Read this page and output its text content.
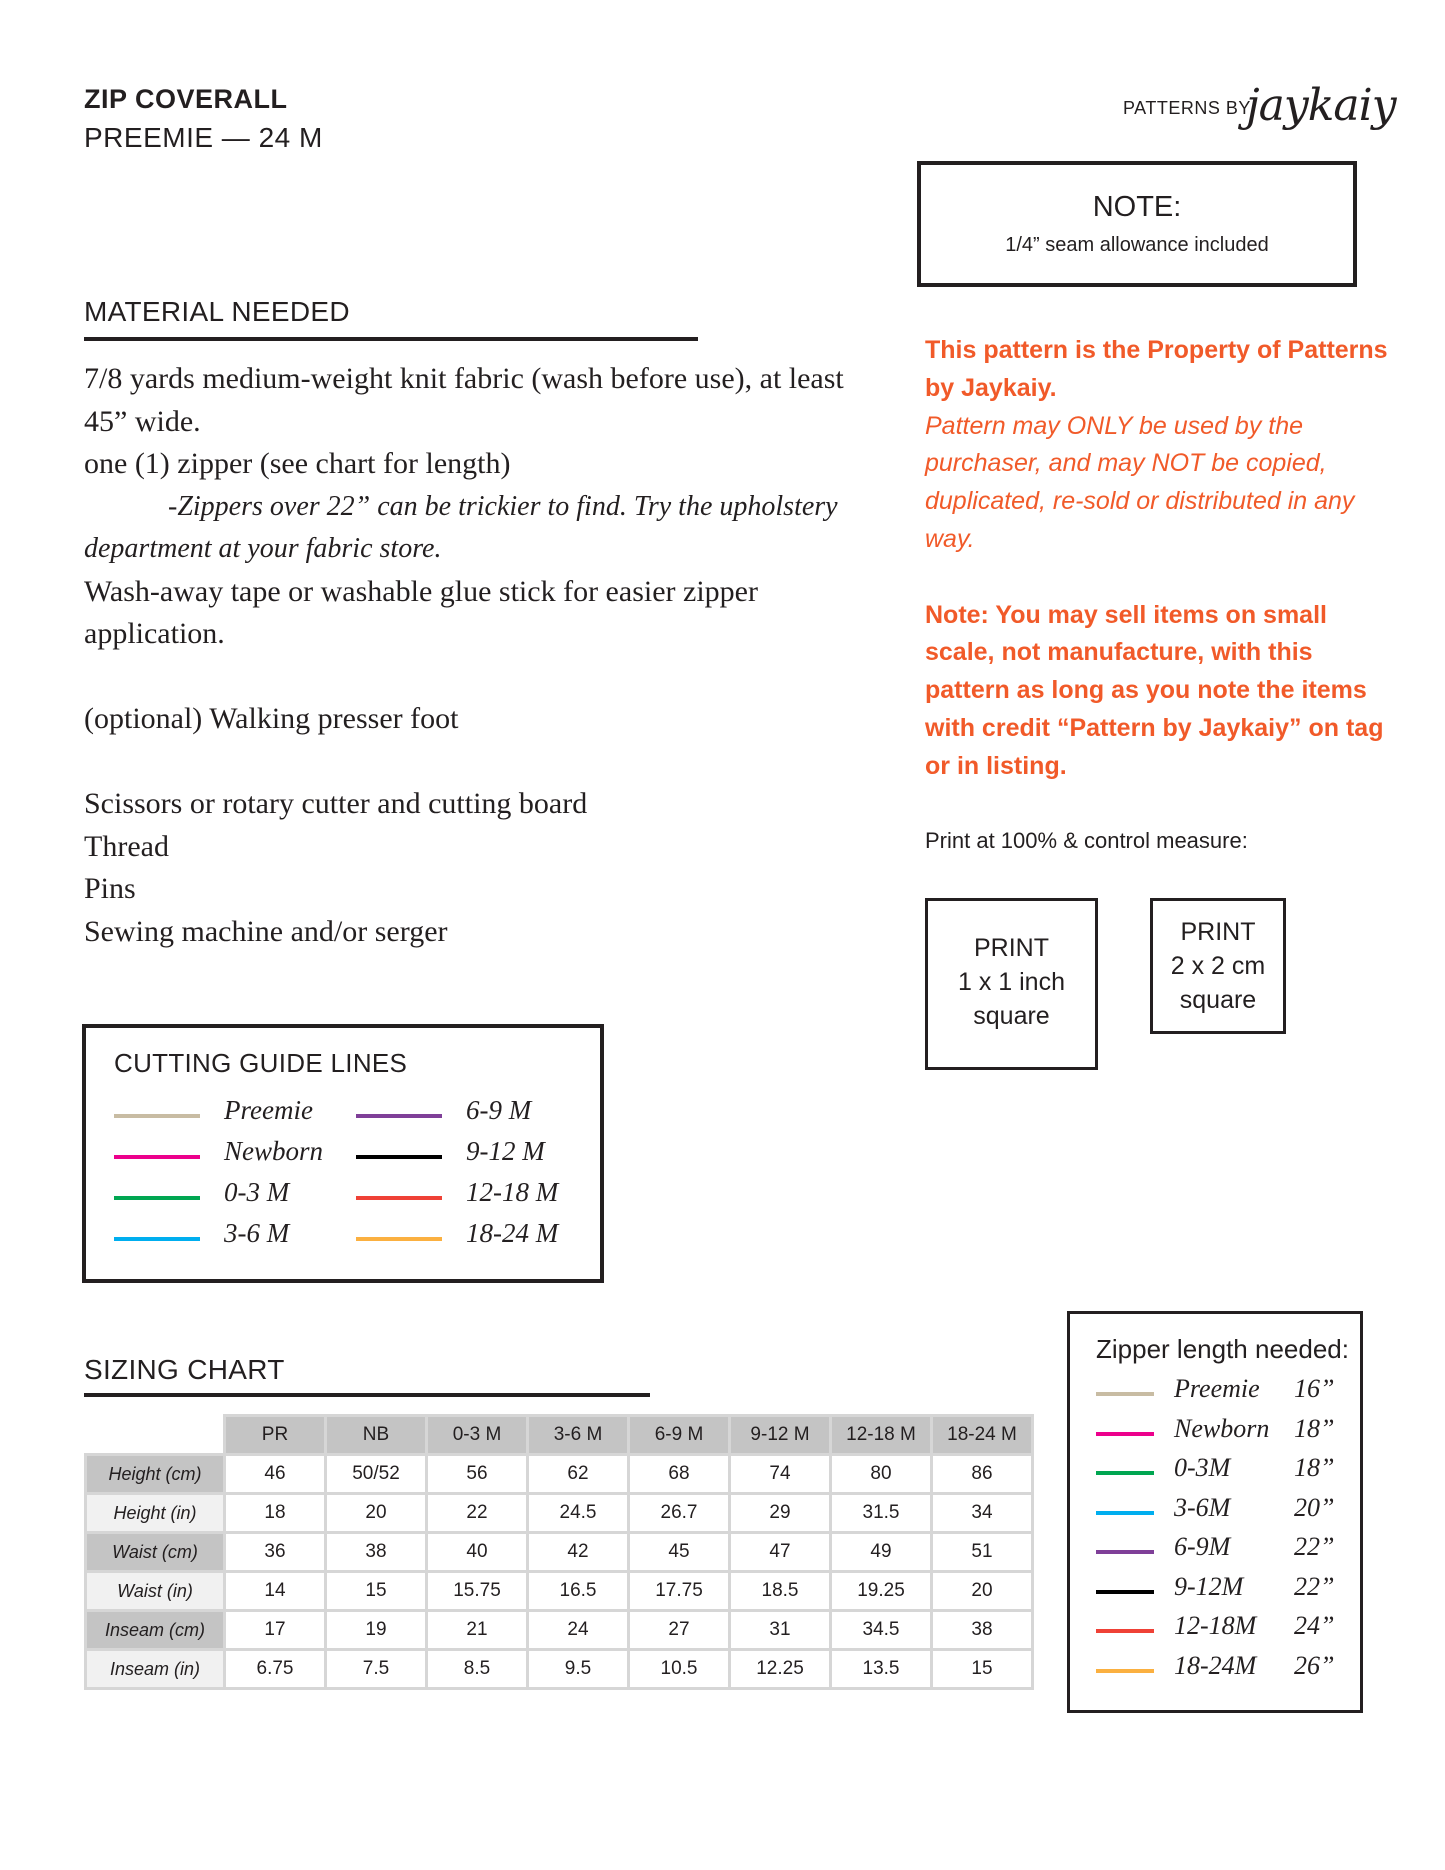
ZIP COVERALL
PREEMIE — 24 M
PATTERNS BY
jaykaiy
NOTE:
1/4” seam allowance included
MATERIAL NEEDED
7/8 yards medium-weight knit fabric (wash before use), at least 45” wide.
one (1) zipper (see chart for length)
-Zippers over 22” can be trickier to find. Try the upholstery
department at your fabric store.
Wash-away tape or washable glue stick for easier zipper application.
(optional) Walking presser foot
Scissors or rotary cutter and cutting board
Thread
Pins
Sewing machine and/or serger
This pattern is the Property of Patterns by Jaykaiy.
Pattern may ONLY be used by the purchaser, and may NOT be copied, duplicated, re-sold or distributed in any way.
Note: You may sell items on small scale, not manufacture, with this pattern as long as you note the items with credit “Pattern by Jaykaiy” on tag or in listing.
Print at 100% & control measure:
PRINT
1 x 1 inch
square
PRINT
2 x 2 cm
square
CUTTING GUIDE LINES
Preemie
Newborn
0-3 M
3-6 M
6-9 M
9-12 M
12-18 M
18-24 M
SIZING CHART
	PR	NB	0-3 M	3-6 M	6-9 M	9-12 M	12-18 M	18-24 M
Height (cm)	46	50/52	56	62	68	74	80	86
Height (in)	18	20	22	24.5	26.7	29	31.5	34
Waist (cm)	36	38	40	42	45	47	49	51
Waist (in)	14	15	15.75	16.5	17.75	18.5	19.25	20
Inseam (cm)	17	19	21	24	27	31	34.5	38
Inseam (in)	6.75	7.5	8.5	9.5	10.5	12.25	13.5	15
Zipper length needed:
Preemie 16”
Newborn 18”
0-3M 18”
3-6M 20”
6-9M 22”
9-12M 22”
12-18M 24”
18-24M 26”
